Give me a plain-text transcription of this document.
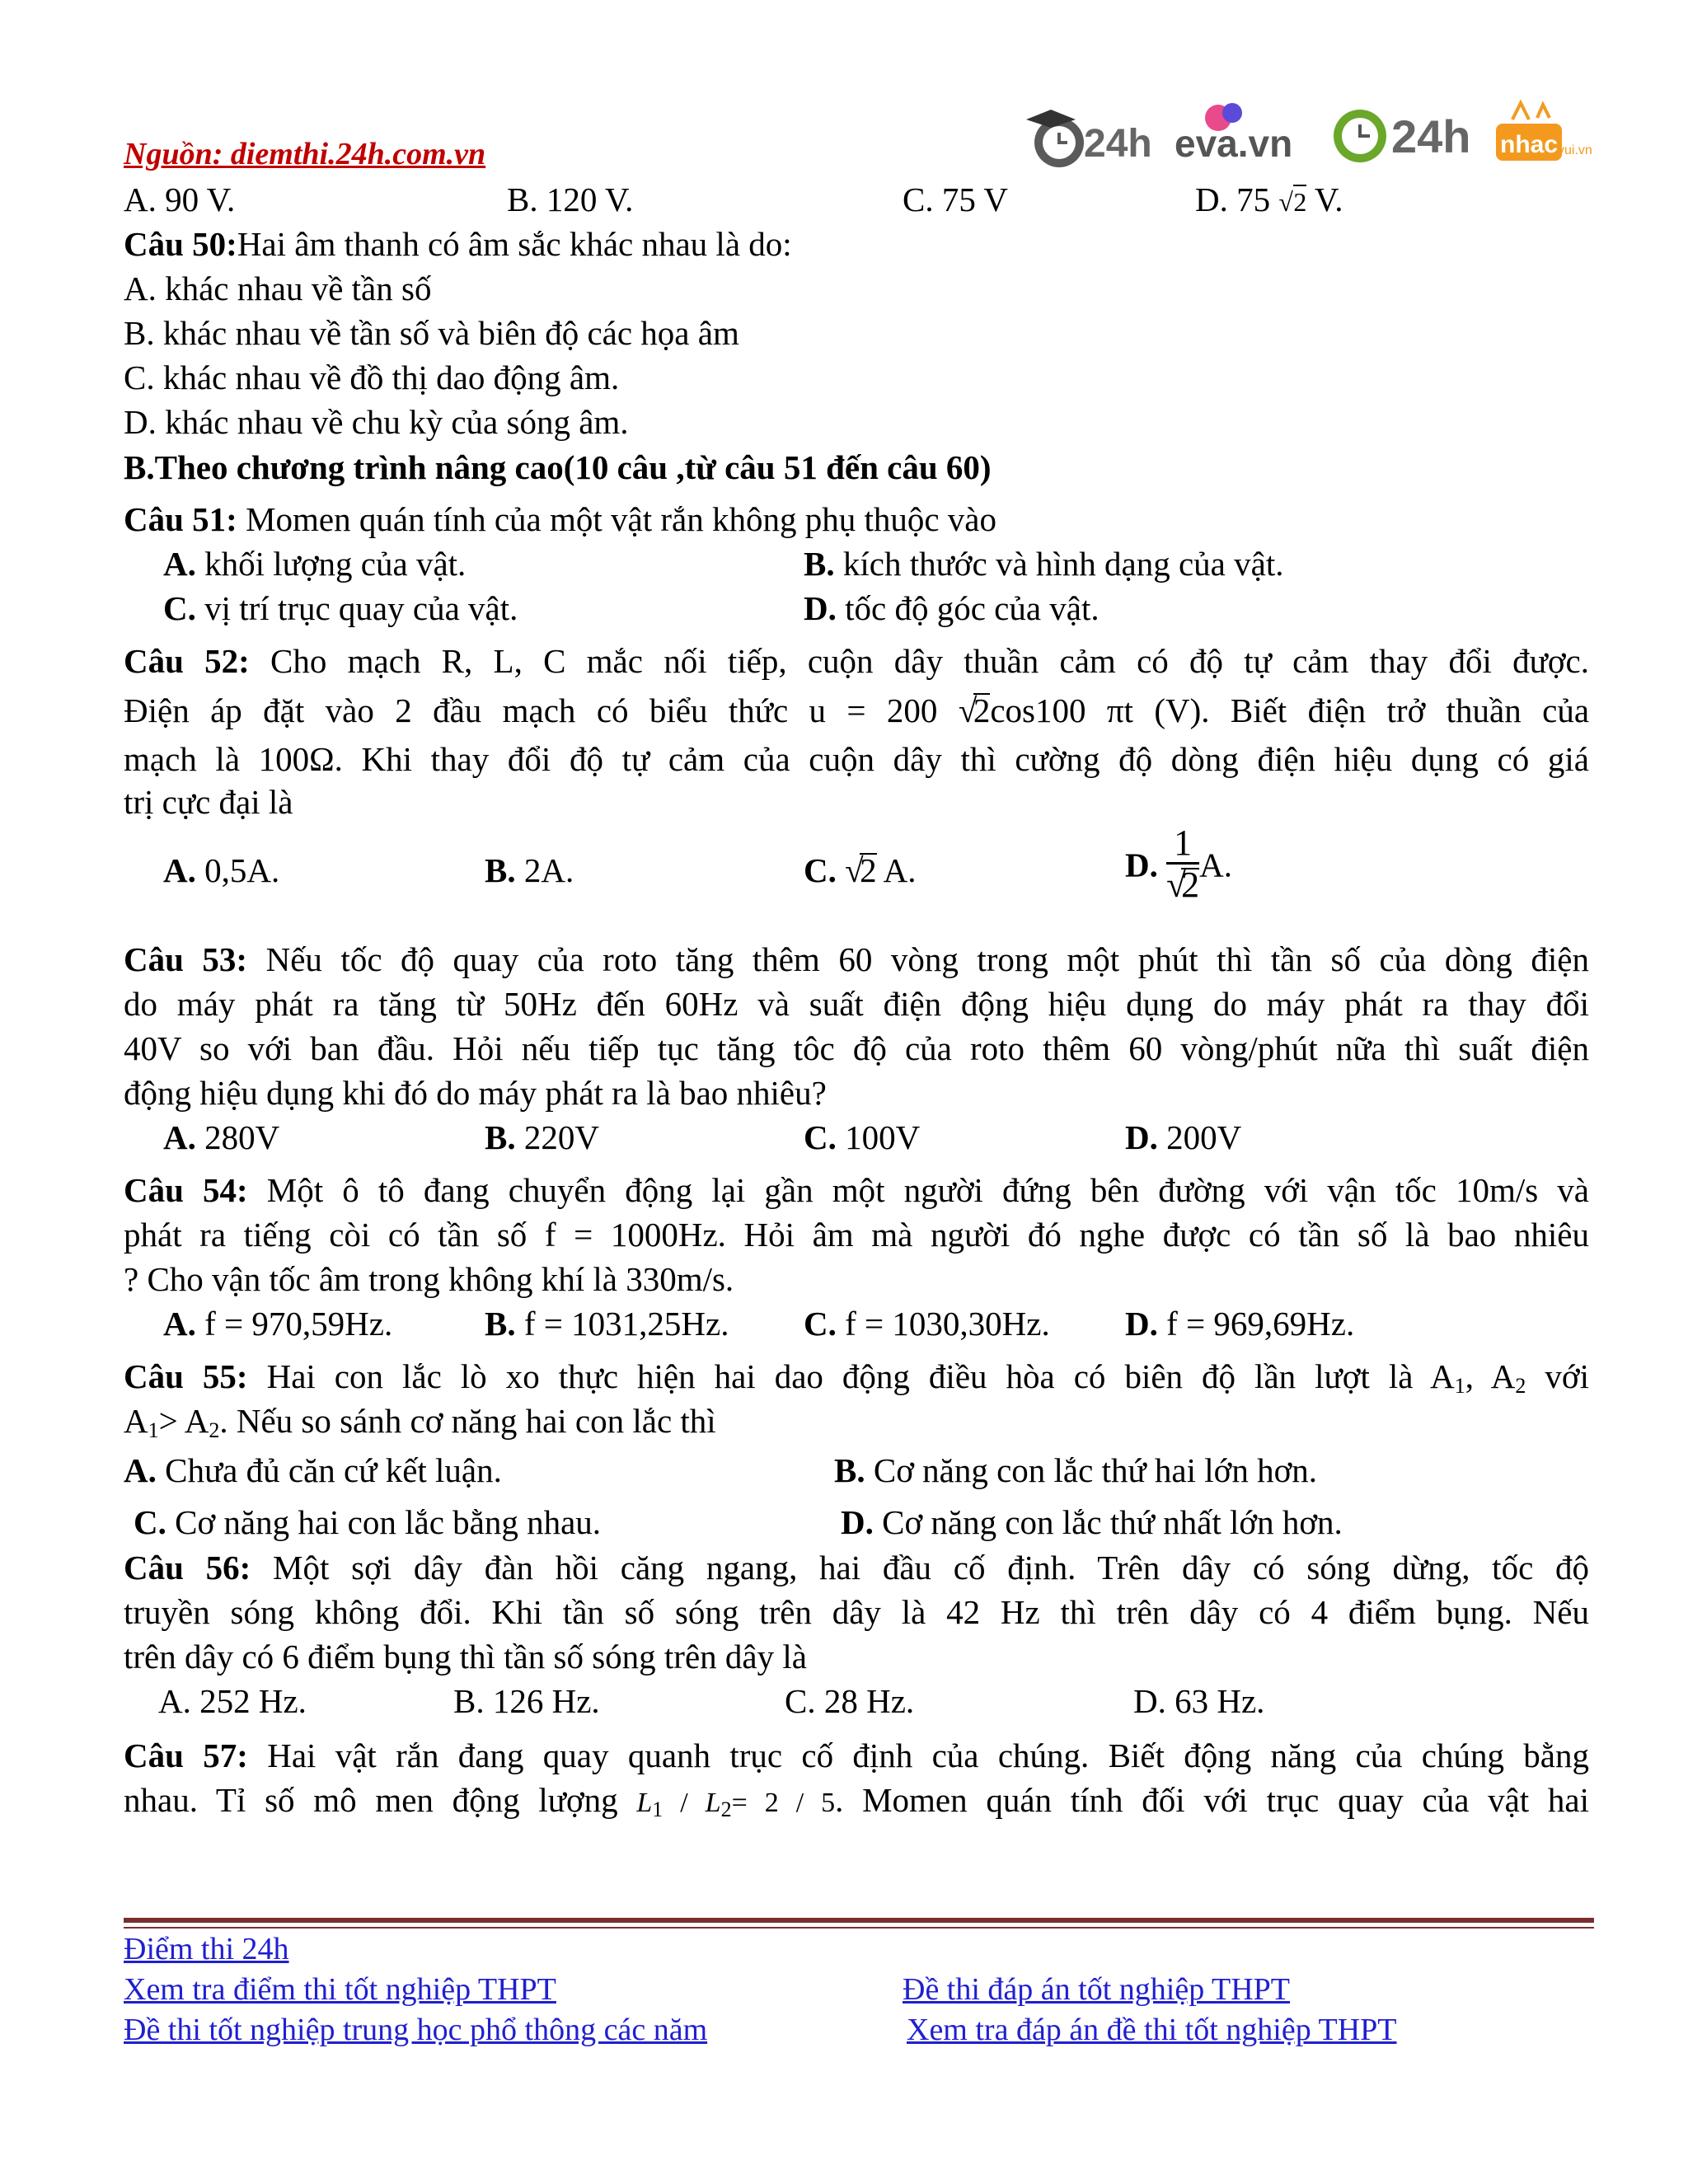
Nguồn: diemthi.24h.com.vn	24h eva.vn 24h nhac vui.vn
A. 90 V.	B. 120 V.	C. 75 V	D. 75 √ 2 V.
Câu 50:Hai âm thanh có âm sắc khác nhau là do:
A. khác nhau về tần số
B. khác nhau về tần số và biên độ các họa âm
C. khác nhau về đồ thị dao động âm.
D. khác nhau về chu kỳ của sóng âm.
B.Theo chương trình nâng cao(10 câu ,từ câu 51 đến câu 60)
Câu 51: Momen quán tính của một vật rắn không phụ thuộc vào
A. khối lượng của vật.	B. kích thước và hình dạng của vật.
C. vị trí trục quay của vật.	D. tốc độ góc của vật.
Câu 52: Cho mạch R, L, C mắc nối tiếp, cuộn dây thuần cảm có độ tự cảm thay đổi được.
Điện áp đặt vào 2 đầu mạch có biểu thức u = 200 √ 2cos100 πt (V). Biết điện trở thuần của
mạch là 100Ω. Khi thay đổi độ tự cảm của cuộn dây thì cường độ dòng điện hiệu dụng có giá
trị cực đại là
A. 0,5A.	B. 2A.	C. √ 2 A.	D. 1
√ 2 A.
Câu 53: Nếu tốc độ quay của roto tăng thêm 60 vòng trong một phút thì tần số của dòng điện
do máy phát ra tăng từ 50Hz đến 60Hz và suất điện động hiệu dụng do máy phát ra thay đổi
40V so với ban đầu. Hỏi nếu tiếp tục tăng tôc độ của roto thêm 60 vòng/phút nữa thì suất điện
động hiệu dụng khi đó do máy phát ra là bao nhiêu?
A. 280V	B. 220V	C. 100V	D. 200V
Câu 54: Một ô tô đang chuyển động lại gần một người đứng bên đường với vận tốc 10m/s và
phát ra tiếng còi có tần số f = 1000Hz. Hỏi âm mà người đó nghe được có tần số là bao nhiêu
? Cho vận tốc âm trong không khí là 330m/s.
A. f = 970,59Hz.	B. f = 1031,25Hz. C. f = 1030,30Hz. D. f = 969,69Hz.
Câu 55: Hai con lắc lò xo thực hiện hai dao động điều hòa có biên độ lần lượt là $A_1$, $A_2$ với
$A_1> A_2$. Nếu so sánh cơ năng hai con lắc thì
A. Chưa đủ căn cứ kết luận.	B. Cơ năng con lắc thứ hai lớn hơn.
C. Cơ năng hai con lắc bằng nhau.	D. Cơ năng con lắc thứ nhất lớn hơn.
Câu 56: Một sợi dây đàn hồi căng ngang, hai đầu cố định. Trên dây có sóng dừng, tốc độ
truyền sóng không đổi. Khi tần số sóng trên dây là 42 Hz thì trên dây có 4 điểm bụng. Nếu
trên dây có 6 điểm bụng thì tần số sóng trên dây là
A. 252 Hz.	B. 126 Hz.	C. 28 Hz.	D. 63 Hz.
Câu 57: Hai vật rắn đang quay quanh trục cố định của chúng. Biết động năng của chúng bằng
nhau. Tỉ số mô men động lượng $L_1 / L_2= 2 / 5$. Momen quán tính đối với trục quay của vật hai
Điểm thi 24h
Xem tra điểm thi tốt nghiệp THPT	Đề thi đáp án tốt nghiệp THPT
Đề thi tốt nghiệp trung học phổ thông các năm	Xem tra đáp án đề thi tốt nghiệp THPT
